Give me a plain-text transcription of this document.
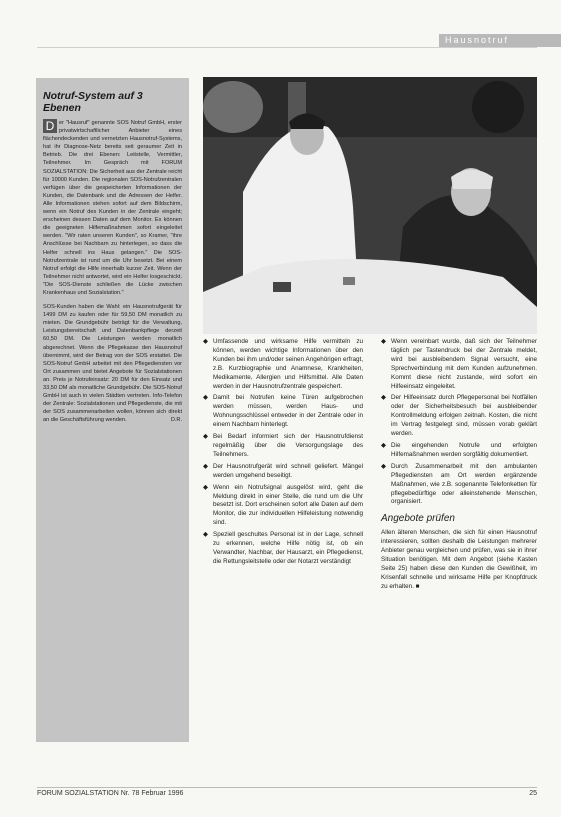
Hausnotruf
Notruf-System auf 3 Ebenen

D er "Hausruf" genannte SOS Notruf GmbH, erster privatwirtschaftlicher Anbieter eines flächendeckenden und vernetzten Hausnotruf-Systems, hat ihr Diagnose-Netz bereits seit geraumer Zeit in Betrieb. Die drei Ebenen: Leitstelle, Vermittler, Teilnehmer. Im Gespräch mit FORUM SOZIALSTATION: Die Sicherheit aus der Zentrale reicht für 10000 Kunden. Die regionalen SOS-Notrufzentralen verfügen über die gespeicherten Informationen der Kunden, die Datenbank und die Adressen der Helfer. Alle Informationen stehen sofort auf dem Bildschirm, wenn ein Notruf des Kunden in der Zentrale eingeht; erscheinen dessen Daten auf dem Monitor. Es können die geeigneten Hilfemaßnahmen sofort eingeleitet werden. "Wir raten unseren Kunden", so Kramer, "ihre Anschlüsse bei Nachbarn zu hinterlegen, so dass die Helfer schnell ins Haus gelangen." Die SOS-Notrufzentrale ist rund um die Uhr besetzt. Bei einem Notruf erfolgt die Hilfe innerhalb kurzer Zeit. Wenn der Teilnehmer nicht antwortet, wird ein Helfer losgeschickt. "Die SOS-Dienste schließen die Lücke zwischen Krankenhaus und Sozialstation."

SOS-Kunden haben die Wahl: ein Hausnotrufgerät für 1499 DM zu kaufen oder für 59,50 DM monatlich zu mieten. Die Grundgebühr beträgt für die Verwaltung, Leistungsbereitschaft und Datenbankpflege derzeit 60,50 DM. Die Leistungen werden monatlich abgerechnet. Wenn die Pflegekasse den Hausnotruf übernimmt, wird der Betrag von der SOS erstattet. Die SOS-Notruf GmbH arbeitet mit den Pflegediensten vor Ort zusammen und bietet Angebote für Sozialstationen an. Preis je Notrufeinsatz: 20 DM für den Einsatz und 33,50 DM als monatliche Grundgebühr. Die SOS-Notruf GmbH ist auch in vielen Städten vertreten. Info-Telefon der Zentrale: Sozialstationen und Pflegedienste, die mit der SOS zusammenarbeiten wollen, können sich direkt an die Geschäftsführung wenden.	D.R.

◆ Umfassende und wirksame Hilfe vermitteln zu können, werden wichtige Informationen über den Kunden bei ihm und/oder seinen Angehörigen erfragt, z.B. Kurzbiographie und Anamnese, Krankheiten, Medikamente, Allergien und Hilfsmittel. Alle Daten werden in der Hausnotrufzentrale gespeichert.
◆ Damit bei Notrufen keine Türen aufgebrochen werden müssen, werden Haus- und Wohnungsschlüssel entweder in der Zentrale oder in einem Nachbarn hinterlegt.
◆ Bei Bedarf informiert sich der Hausnotrufdienst regelmäßig über die Versorgungslage des Teilnehmers.
◆ Der Hausnotrufgerät wird schnell geliefert. Mängel werden umgehend beseitigt.
◆ Wenn ein Notrufsignal ausgelöst wird, geht die Meldung direkt in einer Stelle, die rund um die Uhr besetzt ist. Dort erscheinen sofort alle Daten auf dem Monitor, die zur individuellen Hilfeleistung notwendig sind.
◆ Speziell geschultes Personal ist in der Lage, schnell zu erkennen, welche Hilfe nötig ist, ob ein Verwandter, Nachbar, der Hausarzt, ein Pflegedienst, die Rettungsleitstelle oder der Notarzt verständigt
◆ Wenn vereinbart wurde, daß sich der Teilnehmer täglich per Tastendruck bei der Zentrale meldet, wird bei ausbleibendem Signal versucht, eine Sprechverbindung mit dem Kunden aufzunehmen. Kommt diese nicht zustande, wird sofort ein Hilfeeinsatz eingeleitet.
◆ Der Hilfeeinsatz durch Pflegepersonal bei Notfällen oder der Sicherheitsbesuch bei ausbleibender Kontrollmeldung erfolgen zeitnah. Kosten, die nicht im Vertrag festgelegt sind, müssen vorab geklärt werden.
◆ Die eingehenden Notrufe und erfolgten Hilfemaßnahmen werden sorgfältig dokumentiert.
◆ Durch Zusammenarbeit mit den ambulanten Pflegediensten am Ort werden ergänzende Maßnahmen, wie z.B. sogenannte Telefonketten für pflegebedürftige oder alleinstehende Menschen, organisiert.
Angebote prüfen

Allen älteren Menschen, die sich für einen Hausnotruf interessieren, sollten deshalb die Leistungen mehrerer Anbieter genau vergleichen und prüfen, was sie in ihrer Situation benötigen. Mit dem Angebot (siehe Kasten Seite 25) haben diese den Kunden die Gewißheit, im Krisenfall schnelle und wirksame Hilfe per Knopfdruck zu erhalten. ■

FORUM SOZIALSTATION Nr. 78 Februar 1996	25
